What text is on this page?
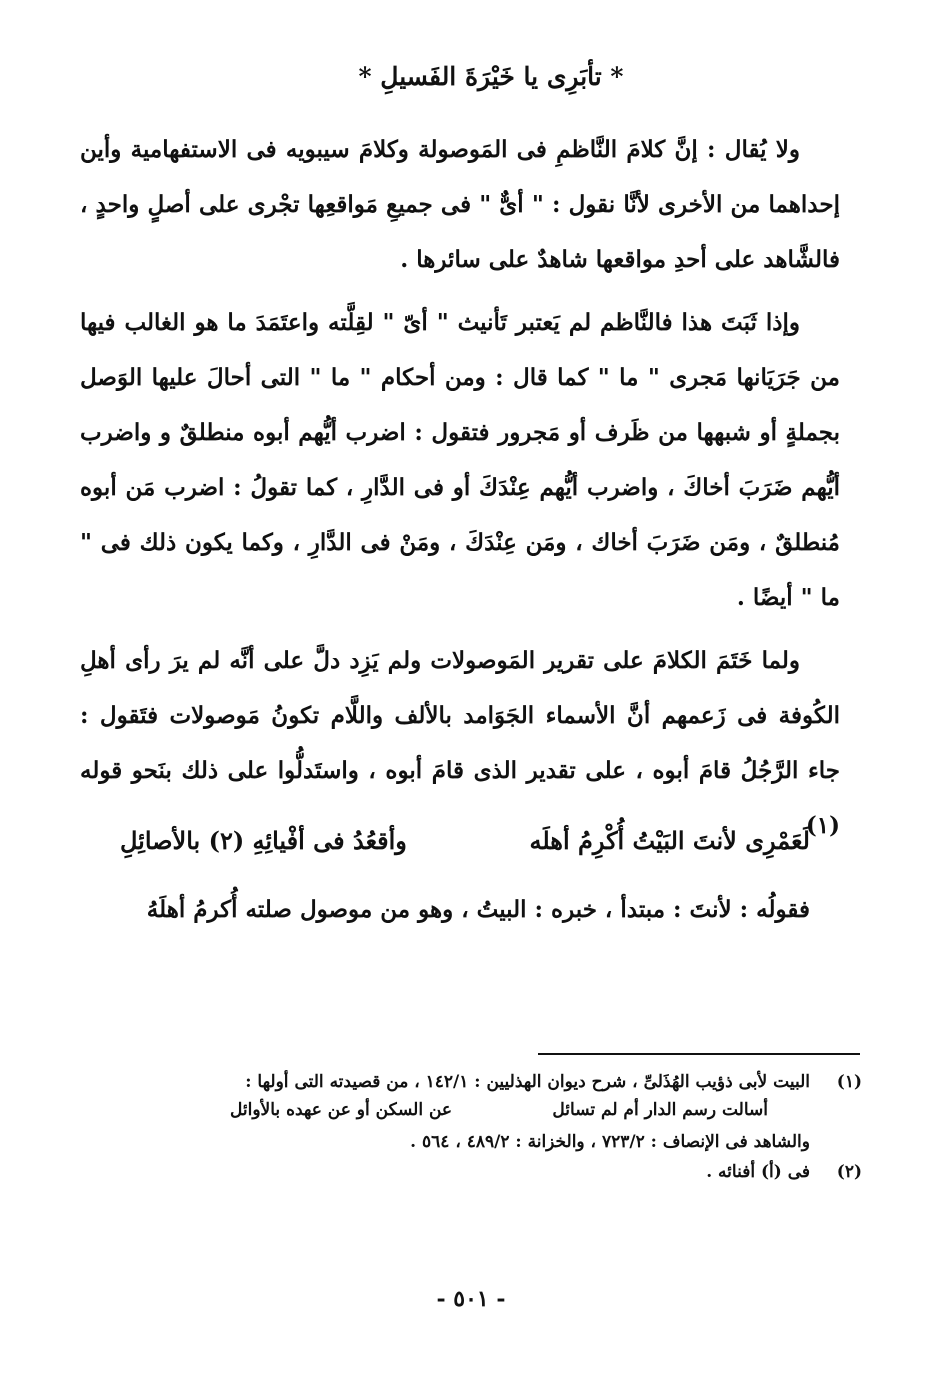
* تأبَرِى يا خَيْرَةَ الفَسيلِ *

ولا يُقال : إنَّ كلامَ النَّاظمِ فى المَوصولة وكلامَ سيبويه فى الاستفهامية وأين إحداهما من الأخرى لأنَّا نقول : " أىٌّ " فى جميعِ مَواقعِها تجْرى على أصلٍ واحدٍ ، فالشَّاهد على أحدِ مواقعها شاهدٌ على سائرها .

وإذا ثَبَتَ هذا فالنَّاظم لم يَعتبر تَأنيث " أىّ " لقِلَّته واعتَمَدَ ما هو الغالب فيها من جَرَيَانها مَجرى " ما " كما قال : ومن أحكام " ما " التى أحالَ عليها الوَصل بجملةٍ أو شبهها من ظَرف أو مَجرور فتقول : اضرب أيُّهم أبوه منطلقٌ و واضرب أيُّهم ضَرَبَ أخاكَ ، واضرب أيُّهم عِنْدَكَ أو فى الدَّارِ ، كما تقولُ : اضرب مَن أبوه مُنطلقٌ ، ومَن ضَرَبَ أخاك ، ومَن عِنْدَكَ ، ومَنْ فى الدَّارِ ، وكما يكون ذلك فى " ما " أيضًا .

ولما خَتَمَ الكلامَ على تقرير المَوصولات ولم يَزِد دلَّ على أنَّه لم يرَ رأى أهلِ الكُوفة فى زَعمهم أنَّ الأسماء الجَوَامد بالألف واللَّام تكونُ مَوصولات فتَقول : جاء الرَّجُلُ قامَ أبوه ، على تقدير الذى قامَ أبوه ، واستَدلُّوا على ذلك بنَحو قوله (١)

لَعَمْرِى لأنتَ البَيْتُ أُكْرِمُ أهلَه
وأقعُدُ فى أفْيائِهِ (٢) بالأصائِلِ
فقولُه : لأنتَ : مبتدأ ، خبره : البيتُ ، وهو من موصول صلته أُكرمُ أهلَهُ
(١)
البيت لأبى ذؤيب الهُذَلىِّ ، شرح ديوان الهذليين : ١٤٢/١ ، من قصيدته التى أولها :
أسالت رسم الدار أم لم تسائل
عن السكن أو عن عهده بالأوائل
والشاهد فى الإنصاف : ٧٢٣/٢ ، والخزانة : ٤٨٩/٢ ، ٥٦٤ .
(٢)
فى (أ) أفنائه .
- ٥٠١ -
